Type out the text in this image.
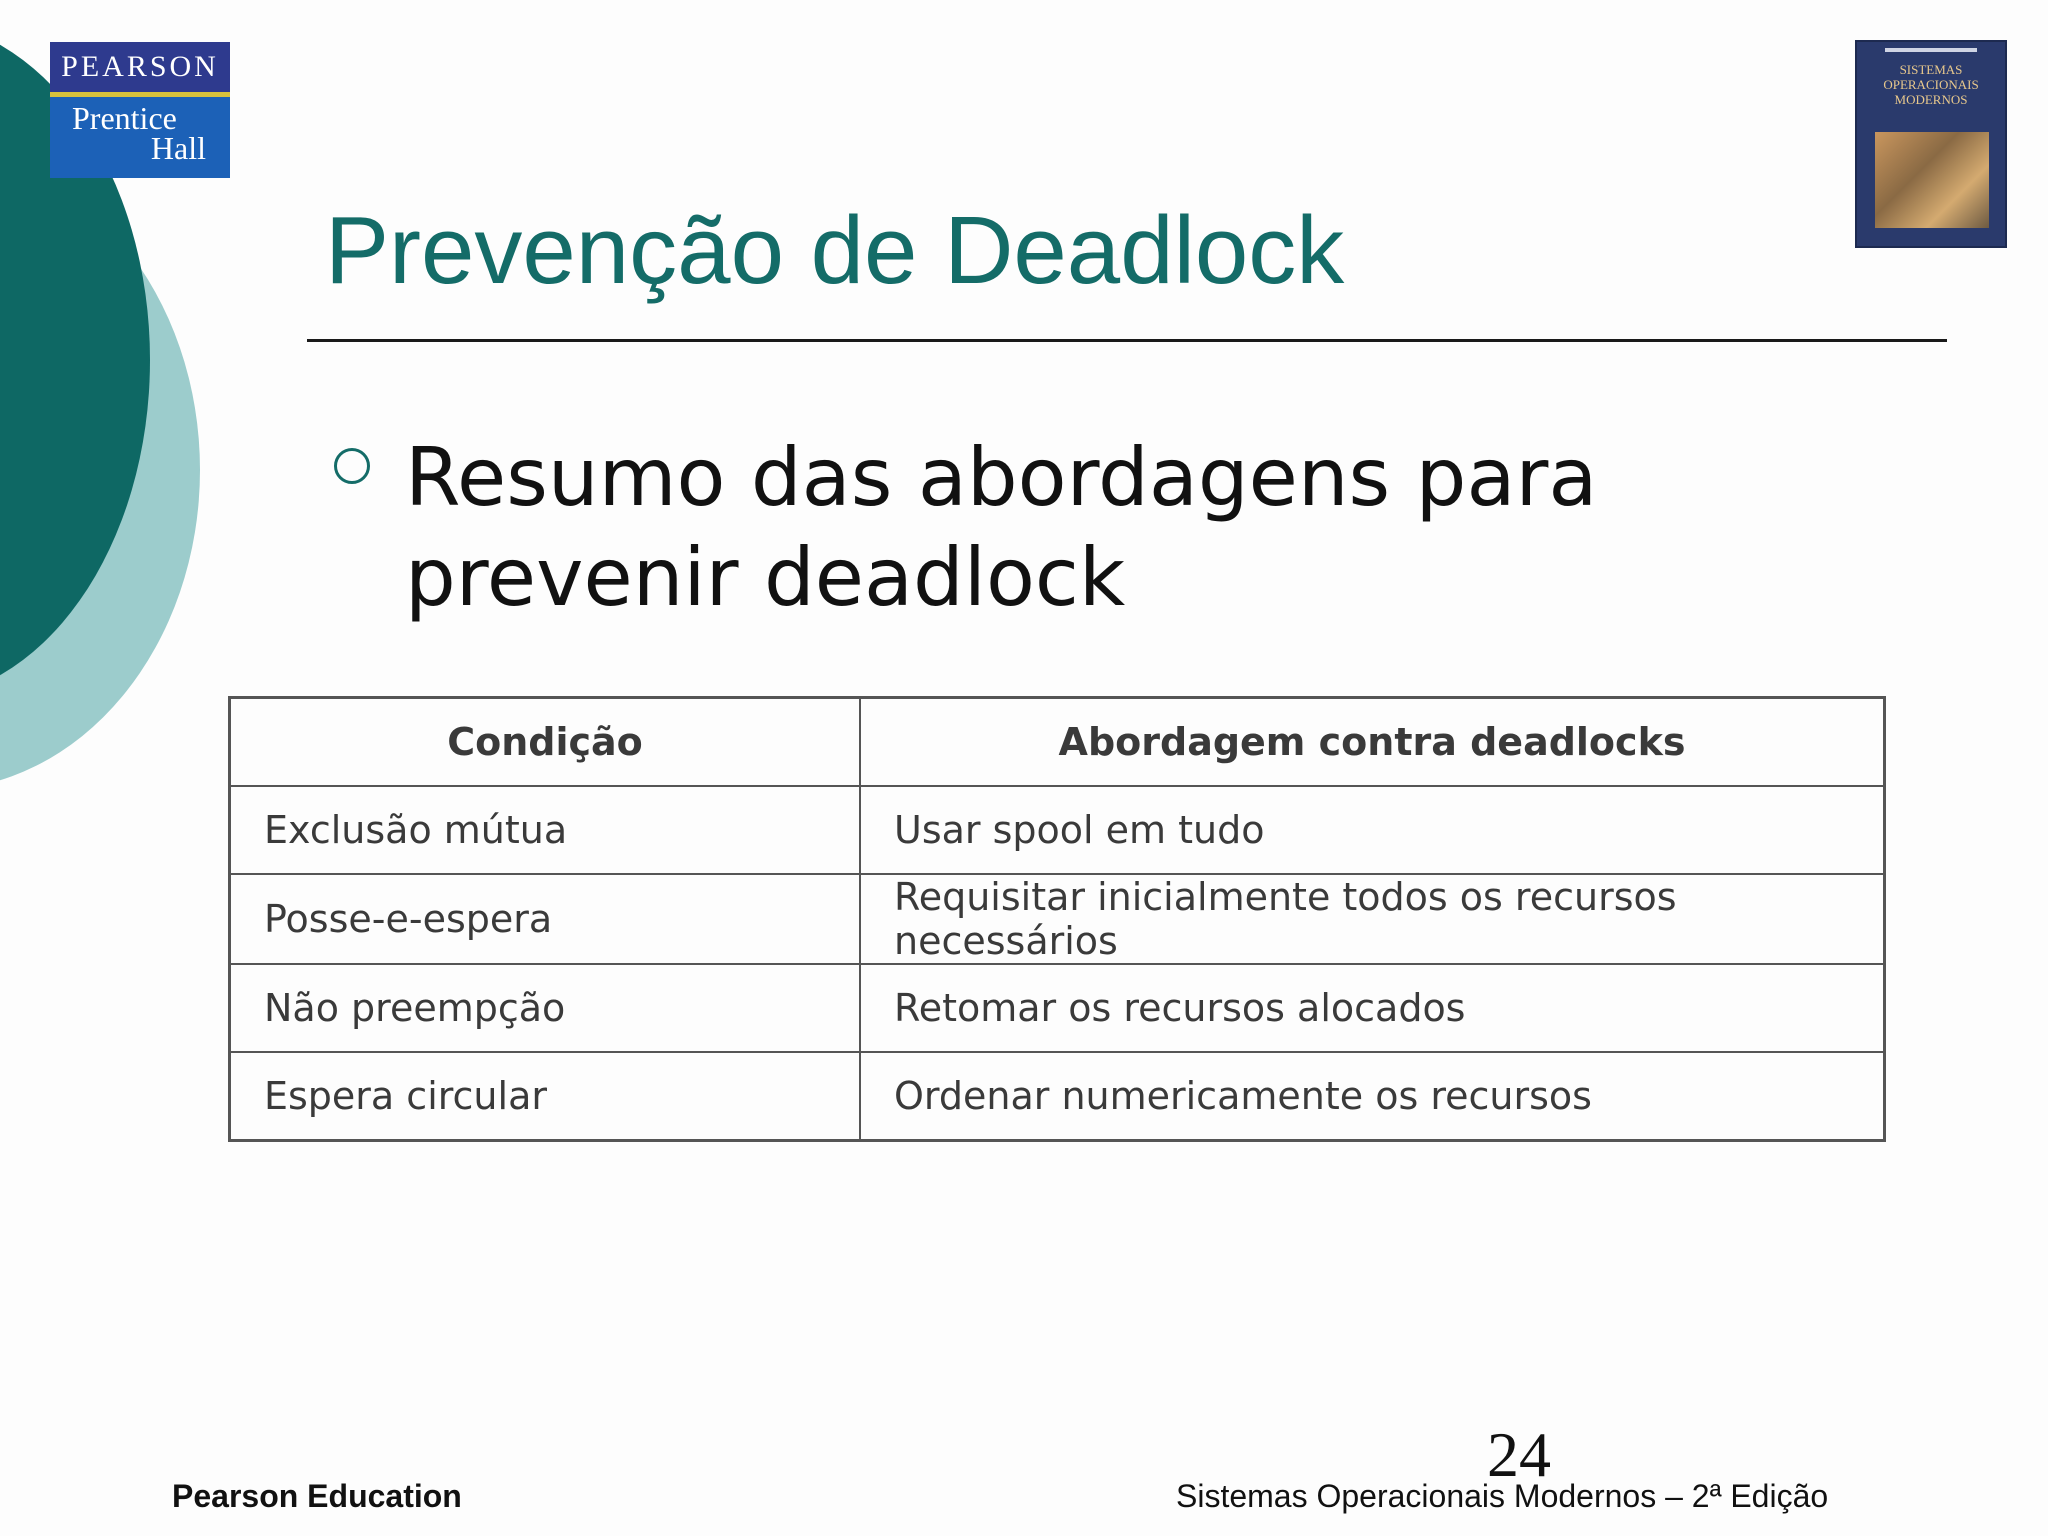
PEARSON
Prentice
Hall
SISTEMAS
OPERACIONAIS
MODERNOS
Prevenção de Deadlock
Resumo das abordagens para prevenir deadlock
Condição	Abordagem contra deadlocks
Exclusão mútua	Usar spool em tudo
Posse-e-espera	Requisitar inicialmente todos os recursos necessários
Não preempção	Retomar os recursos alocados
Espera circular	Ordenar numericamente os recursos
24
Pearson Education	Sistemas Operacionais Modernos – 2ª Edição
